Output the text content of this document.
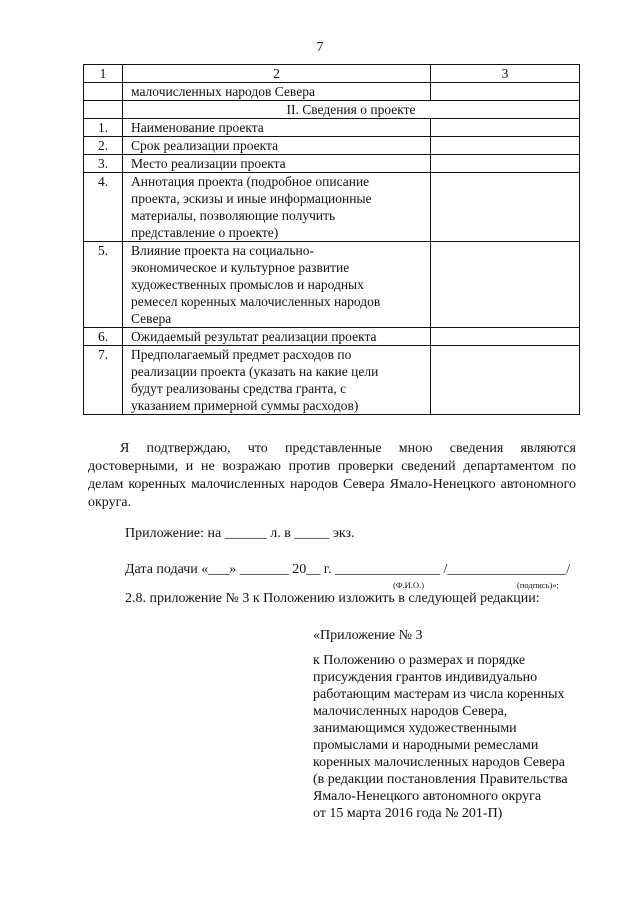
7
1	2	3
	малочисленных народов Севера	
	II. Сведения о проекте	
1.	Наименование проекта	

2.	Срок реализации проекта	

3.	Место реализации проекта	

4.	Аннотация проекта (подробное описание
проекта, эскизы и иные информационные
материалы, позволяющие получить
представление о проекте)	

5.	Влияние проекта на социально-
экономическое и культурное развитие
художественных промыслов и народных
ремесел коренных малочисленных народов
Севера	

6.	Ожидаемый результат реализации проекта	

7.	Предполагаемый предмет расходов по
реализации проекта (указать на какие цели
будут реализованы средства гранта, с
указанием примерной суммы расходов)	

Я подтверждаю, что представленные мною сведения являются достоверными, и не возражаю против проверки сведений департаментом по делам коренных малочисленных народов Севера Ямало-Ненецкого автономного округа.
Приложение: на ______ л. в _____ экз.
Дата подачи «___» _______ 20__ г. _______________ /_________________/
(Ф.И.О.)	(подпись)»;
2.8. приложение № 3 к Положению изложить в следующей редакции:
«Приложение № 3
к Положению о размерах и порядке
присуждения грантов индивидуально
работающим мастерам из числа коренных
малочисленных народов Севера,
занимающимся художественными
промыслами и народными ремеслами
коренных малочисленных народов Севера
(в редакции постановления Правительства
Ямало-Ненецкого автономного округа
от 15 марта 2016 года № 201-П)
